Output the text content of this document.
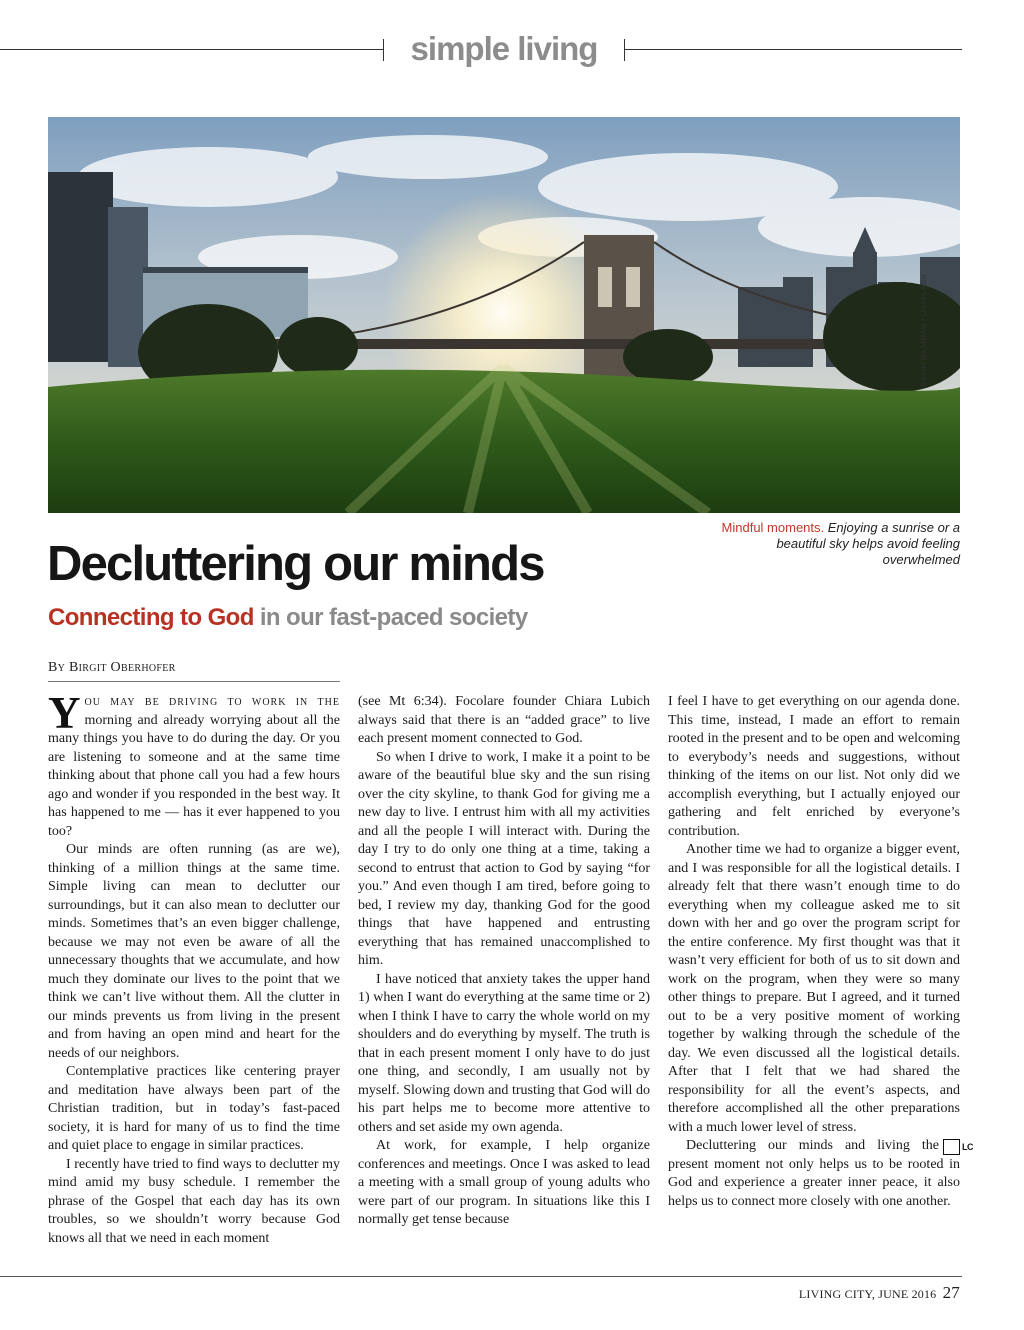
simple living
KEVIN RAJARAM / UNSPLASH
Mindful moments. Enjoying a sunrise or a beautiful sky helps avoid feeling overwhelmed
Decluttering our minds
Connecting to God in our fast-paced society
By Birgit Oberhofer

You may be driving to work in the morning and already worrying about all the many things you have to do during the day. Or you are listening to someone and at the same time thinking about that phone call you had a few hours ago and wonder if you responded in the best way. It has happened to me — has it ever happened to you too?

Our minds are often running (as are we), thinking of a million things at the same time. Simple living can mean to declutter our surroundings, but it can also mean to declutter our minds. Sometimes that’s an even bigger challenge, because we may not even be aware of all the unnecessary thoughts that we accumulate, and how much they dominate our lives to the point that we think we can’t live without them. All the clutter in our minds prevents us from living in the present and from having an open mind and heart for the needs of our neighbors.

Contemplative practices like centering prayer and meditation have always been part of the Christian tradition, but in today’s fast-paced society, it is hard for many of us to find the time and quiet place to engage in similar practices.

I recently have tried to find ways to declutter my mind amid my busy schedule. I remember the phrase of the Gospel that each day has its own troubles, so we shouldn’t worry because God knows all that we need in each moment

(see Mt 6:34). Focolare founder Chiara Lubich always said that there is an “added grace” to live each present moment connected to God.

So when I drive to work, I make it a point to be aware of the beautiful blue sky and the sun rising over the city skyline, to thank God for giving me a new day to live. I entrust him with all my activities and all the people I will interact with. During the day I try to do only one thing at a time, taking a second to entrust that action to God by saying “for you.” And even though I am tired, before going to bed, I review my day, thanking God for the good things that have happened and entrusting everything that has remained unaccomplished to him.

I have noticed that anxiety takes the upper hand 1) when I want do everything at the same time or 2) when I think I have to carry the whole world on my shoulders and do everything by myself. The truth is that in each present moment I only have to do just one thing, and secondly, I am usually not by myself. Slowing down and trusting that God will do his part helps me to become more attentive to others and set aside my own agenda.

At work, for example, I help organize conferences and meetings. Once I was asked to lead a meeting with a small group of young adults who were part of our program. In situations like this I normally get tense because

I feel I have to get everything on our agenda done. This time, instead, I made an effort to remain rooted in the present and to be open and welcoming to everybody’s needs and suggestions, without thinking of the items on our list. Not only did we accomplish everything, but I actually enjoyed our gathering and felt enriched by everyone’s contribution.

Another time we had to organize a bigger event, and I was responsible for all the logistical details. I already felt that there wasn’t enough time to do everything when my colleague asked me to sit down with her and go over the program script for the entire conference. My first thought was that it wasn’t very efficient for both of us to sit down and work on the program, when they were so many other things to prepare. But I agreed, and it turned out to be a very positive moment of working together by walking through the schedule of the day. We even discussed all the logistical details. After that I felt that we had shared the responsibility for all the event’s aspects, and therefore accomplished all the other preparations with a much lower level of stress.

LC
Decluttering our minds and living the present moment not only helps us to be rooted in God and experience a greater inner peace, it also helps us to connect more closely with one another.

LIVING CITY, JUNE 2016 27
